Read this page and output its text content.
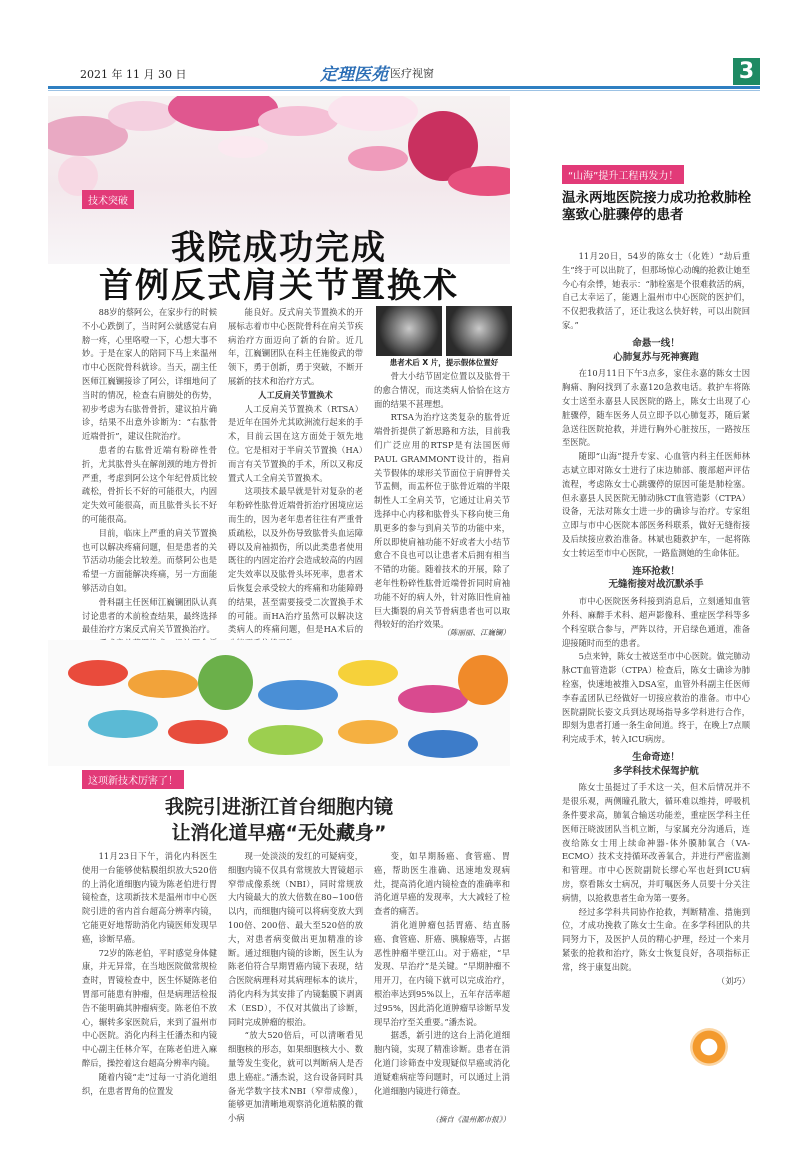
2021 年 11 月 30 日	定理医苑 医疗视窗	3
技术突破
我院成功完成
首例反式肩关节置换术

88岁的蔡阿公，在家步行的时候不小心跌倒了，当时阿公就感觉右肩膀一疼，心里咯噔一下，心想大事不妙。于是在家人的陪同下马上来温州市中心医院骨科就诊。当天，副主任医师江巍镧接诊了阿公，详细地问了当时的情况，检查右肩膀处的伤势，初步考虑为右肱骨骨折，建议拍片确诊，结果不出意外诊断为：“右肱骨近端骨折”，建议住院治疗。

患者的右肱骨近端有粉碎性骨折，尤其肱骨头在解剖颈的地方骨折严重，考虑到阿公这个年纪骨质比较疏松，骨折长不好的可能很大，内固定失效可能很高，而且肱骨头长不好的可能很高。

目前，临床上严重的肩关节置换也可以解决疼痛问题，但是患者的关节活动功能会比较差。而蔡阿公也是希望一方面能解决疼痛，另一方面能够活动自如。

骨科副主任医师江巍镧团队认真讨论患者的术前检查结果，最终选择最佳治疗方案反式肩关节置换治疗。

能良好。反式肩关节置换术的开展标志着市中心医院骨科在肩关节疾病治疗方面迈向了新的台阶。近几年，江巍镧团队在科主任施俊武的带领下，勇于创新，勇于突破，不断开展新的技术和治疗方式。

人工反肩关节置换术

人工反肩关节置换术（RTSA）是近年在国外尤其欧洲流行起来的手术，目前云国在这方面处于领先地位。它是相对于半肩关节置换（HA）而言有关节置换的手术，所以又称反置式人工全肩关节置换术。

这项技术最早就是针对复杂的老年粉碎性肱骨近端骨折治疗困境应运而生的，因为老年患者往往有严重骨质疏松，以及外伤导致肱骨头血运障碍以及肩袖损伤，所以此类患者使用既往的内固定治疗会造成较高的内固定失效率以及肱骨头坏死率，患者术后恢复会承受较大的疼痛和功能障碍的结果，甚至需要接受二次置换手术的可能。而HA治疗虽然可以解决这类病人的疼痛问题，但是HA术后的

患者术后 X 片，提示假体位置好

骨大小结节固定位置以及肱骨干的愈合情况，而这类病人恰恰在这方面的结果不甚理想。

RTSA为治疗这类复杂的肱骨近端骨折提供了新思路和方法，目前我们广泛应用的RTSP是有法国医师PAUL GRAMMONT设计的，指肩关节假体的球形关节面位于肩胛骨关节盂侧，而盂杯位于肱骨近端的半限制性人工全肩关节，它通过让肩关节选择中心内移和肱骨头下移向使三角肌更多的参与到肩关节的功能中来，所以即使肩袖功能不好或者大小结节愈合不良也可以让患者术后拥有相当不错的功能。随着技术的开展，除了老年性粉碎性肱骨近端骨折同时肩袖功能不好的病人外，针对陈旧性肩袖巨大撕裂的肩关节骨病患者也可以取得较好的治疗效果。

（陈丽丽、江巍镧）
这项新技术厉害了！
我院引进浙江首台细胞内镜
让消化道早癌“无处藏身”

11月23日下午，消化内科医生使用一台能够使粘膜组织放大520倍的上消化道细胞内镜为陈老伯进行胃镜检查，这项新技术是温州市中心医院引进的省内首台超高分辨率内镜，它能更好地帮助消化内镜医师发现早癌，诊断早癌。

72岁的陈老伯，平时感觉身体健康，并无异常，在当地医院做常规检查时，胃镜检查中，医生怀疑陈老伯胃部可能患有肿瘤，但是病理活检报告不能明确其肿瘤病变。陈老伯不放心，辗转多家医院后，来到了温州市中心医院。消化内科主任潘杰和内镜中心副主任林介军，在陈老伯进入麻醉后，操控着这台超高分辨率内镜。

随着内镜“走”过每一寸消化道组织，在患者胃角的位置发

现一处淡淡的发红的可疑病变，细胞内镜不仅具有常规放大胃镜超示窄带成像系统（NBI），同时常规放大内镜最大的放大倍数在80~100倍以内，而细胞内镜可以将病变放大到100倍、200倍、最大至520倍的放大，对患者病变做出更加精准的诊断。通过细胞内镜的诊断，医生认为陈老伯符合早期胃癌内镜下表现，结合医院病理科对其病理标本的读片，消化内科为其安排了内镜黏膜下剥离术（ESD），不仅对其做出了诊断，同时完成肿瘤的根治。

“放大520倍后，可以清晰看见细胞核的形态，如果细胞核大小、数量等发生变化，就可以判断病人是否患上癌症。”潘杰说，这台设备同时具备光学数字技术NBI（窄带成像），能够更加清晰地观察消化道粘膜的微小病

变，如早期肠癌、食管癌、胃癌，帮助医生准确、迅速地发现病灶，提高消化道内镜检查的准确率和消化道早癌的发现率，大大减轻了检查者的痛苦。

消化道肿瘤包括胃癌、结直肠癌、食管癌、肝癌、胰腺癌等，占据恶性肿瘤半壁江山。对于癌症，“早发现、早治疗”是关键。“早期肿瘤不用开刀，在内镜下就可以完成治疗，根治率达到95%以上，五年存活率超过95%，因此消化道肿瘤早诊断早发现早治疗至关重要。”潘杰说。

据悉，新引进的这台上消化道细胞内镜，实现了精准诊断。患者在消化道门诊筛查中发现疑似早癌或消化道疑难病症等问题时，可以通过上消化道细胞内镜进行筛查。

（摘自《温州都市报》）
“山海”提升工程再发力！
温永两地医院接力成功抢救肺栓塞致心脏骤停的患者

11月20日，54岁的陈女士（化姓）“劫后重生”终于可以出院了，但那场惊心动魄的抢救让她至今心有余悸，她表示：“肺栓塞是个很难救活的病，自己太幸运了，能遇上温州市中心医院的医护们，不仅把我救活了，还让我这么快好转，可以出院回家。”

命悬一线！

心肺复苏与死神赛跑

在10月11日下午3点多，家住永嘉的陈女士因胸痛、胸闷找到了永嘉120急救电话。救护车将陈女士送至永嘉县人民医院的路上，陈女士出现了心脏骤停，随车医务人员立即予以心肺复苏，随后紧急送往医院抢救，并进行胸外心脏按压，一路按压至医院。

随即“山海”提升专家、心血管内科主任医师林志斌立即对陈女士进行了床边肺部、腹部超声评估流程，考虑陈女士心跳骤停的原因可能是肺栓塞。但永嘉县人民医院无肺动脉CT血管造影（CTPA）设备，无法对陈女士进一步的确诊与治疗。专家组立即与市中心医院本部医务科联系，做好无缝衔接及后续接应救治准备。林斌也随救护车，一起将陈女士转运至市中心医院，一路监测她的生命体征。

连环抢救！

无缝衔接对战沉默杀手

市中心医院医务科接到消息后，立刻通知血管外科、麻醉手术科、超声影像科、重症医学科等多个科室联合参与，严阵以待，开启绿色通道，准备迎接随时而至的患者。

5点来钟，陈女士被送至市中心医院。做完肺动脉CT血管造影（CTPA）检查后，陈女士确诊为肺栓塞，快速地被推入DSA室，血管外科副主任医师李春孟团队已经做好一切接应救治的准备。市中心医院副院长姿文兵到达现场指导多学科进行合作，即刻为患者打通一条生命间道。终于，在晚上7点顺利完成手术，转入ICU病房。

生命奇迹！

多学科技术保驾护航

陈女士虽挺过了手术这一关，但术后情况并不是很乐观，两侧瞳孔散大，循环难以维持，呼吸机条件要求高，肺氧合输送功能差，重症医学科主任医师汪晓波团队当机立断，与家属充分沟通后，连夜给陈女士用上续命神器-体外膜肺氧合（VA-ECMO）技术支持循环改善氧合，并进行严密监测和管理。市中心医院副院长缪心军也赶到ICU病房，察看陈女士病况，并叮嘱医务人员要十分关注病情，以抢救患者生命为第一要务。

经过多学科共同协作抢救，判断精准、措施到位，才成功挽救了陈女士生命。在多学科团队的共同努力下，及医护人员的精心护理，经过一个来月紧张的抢救和治疗，陈女士恢复良好，各项指标正常，终于康复出院。

（刘巧）
